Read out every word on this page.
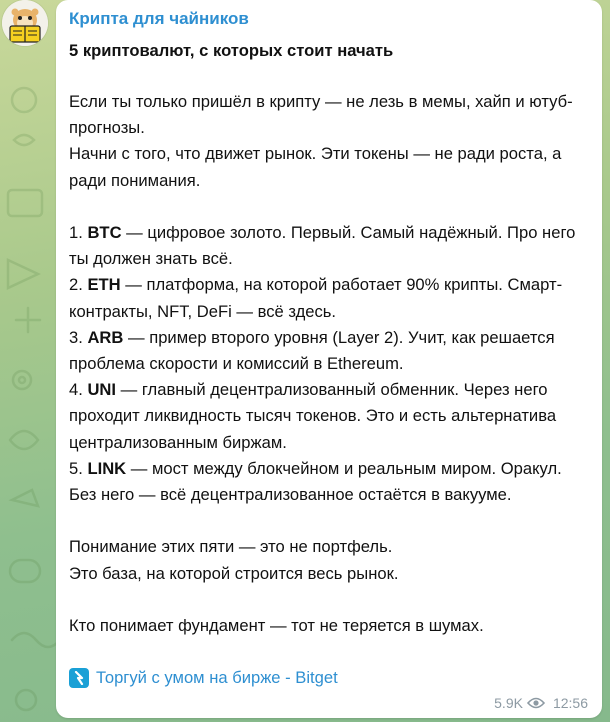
Крипта для чайников

5 криптовалют, с которых стоит начать

Если ты только пришёл в крипту — не лезь в мемы, хайп и ютуб-прогнозы.

Начни с того, что движет рынок. Эти токены — не ради роста, а ради понимания.

1. BTC — цифровое золото. Первый. Самый надёжный. Про него ты должен знать всё.

2. ETH — платформа, на которой работает 90% крипты. Смарт-контракты, NFT, DeFi — всё здесь.

3. ARB — пример второго уровня (Layer 2). Учит, как решается проблема скорости и комиссий в Ethereum.

4. UNI — главный децентрализованный обменник. Через него проходит ликвидность тысяч токенов. Это и есть альтернатива централизованным биржам.

5. LINK — мост между блокчейном и реальным миром. Оракул. Без него — всё децентрализованное остаётся в вакууме.

Понимание этих пяти — это не портфель.

Это база, на которой строится весь рынок.

Кто понимает фундамент — тот не теряется в шумах.

Торгуй с умом на бирже - Bitget
5.9K 12:56
